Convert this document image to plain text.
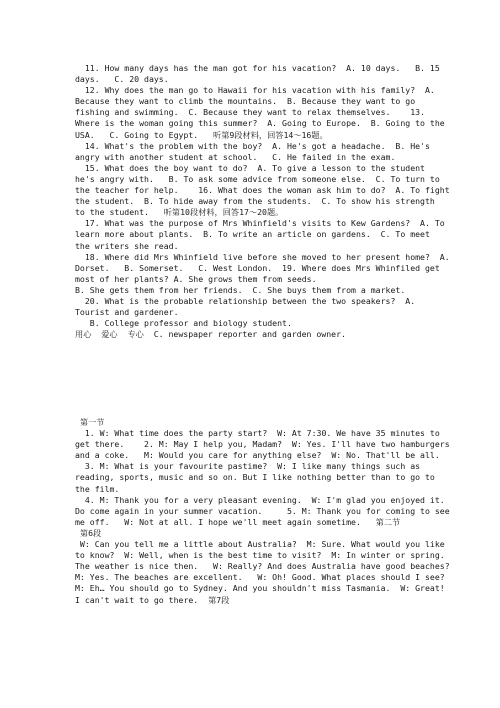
11. How many days has the man got for his vacation?  A. 10 days.   B. 15
days.   C. 20 days.
12. Why does the man go to Hawaii for his vacation with his family?  A.
Because they want to climb the mountains.  B. Because they want to go
fishing and swimming.  C. Because they want to relax themselves.    13.
Where is the woman going this summer?  A. Going to Europe.  B. Going to the
USA.   C. Going to Egypt.   听第9段材料，回答14～16题。
14. What's the problem with the boy?  A. He's got a headache.  B. He's
angry with another student at school.   C. He failed in the exam.
15. What does the boy want to do?  A. To give a lesson to the student
he's angry with.   B. To ask some advice from someone else.  C. To turn to
the teacher for help.    16. What does the woman ask him to do?  A. To fight
the student.  B. To hide away from the students.  C. To show his strength
to the student.   听第10段材料，回答17～20题。
17. What was the purpose of Mrs Whinfield's visits to Kew Gardens?  A. To
learn more about plants.  B. To write an article on gardens.  C. To meet
the writers she read.
18. Where did Mrs Whinfield live before she moved to her present home?  A.
Dorset.   B. Somerset.   C. West London.  19. Where does Mrs Whinfiled get
most of her plants? A. She grows them from seeds.
B. She gets them from her friends.  C. She buys them from a market.
20. What is the probable relationship between the two speakers?  A.
Tourist and gardener.
B. College professor and biology student.
用心  爱心  专心  C. newspaper reporter and garden owner.
第一节
1. W: What time does the party start?  W: At 7:30. We have 35 minutes to
get there.    2. M: May I help you, Madam?  W: Yes. I'll have two hamburgers
and a coke.   M: Would you care for anything else?  W: No. That'll be all.
3. M: What is your favourite pastime?  W: I like many things such as
reading, sports, music and so on. But I like nothing better than to go to
the film.
4. M: Thank you for a very pleasant evening.  W: I'm glad you enjoyed it.
Do come again in your summer vacation.     5. M: Thank you for coming to see
me off.   W: Not at all. I hope we'll meet again sometime.   第二节
第6段
W: Can you tell me a little about Australia?  M: Sure. What would you like
to know?  W: Well, when is the best time to visit?  M: In winter or spring.
The weather is nice then.   W: Really? And does Australia have good beaches?
M: Yes. The beaches are excellent.   W: Oh! Good. What places should I see?
M: Eh… You should go to Sydney. And you shouldn't miss Tasmania.  W: Great!
I can't wait to go there.  第7段
